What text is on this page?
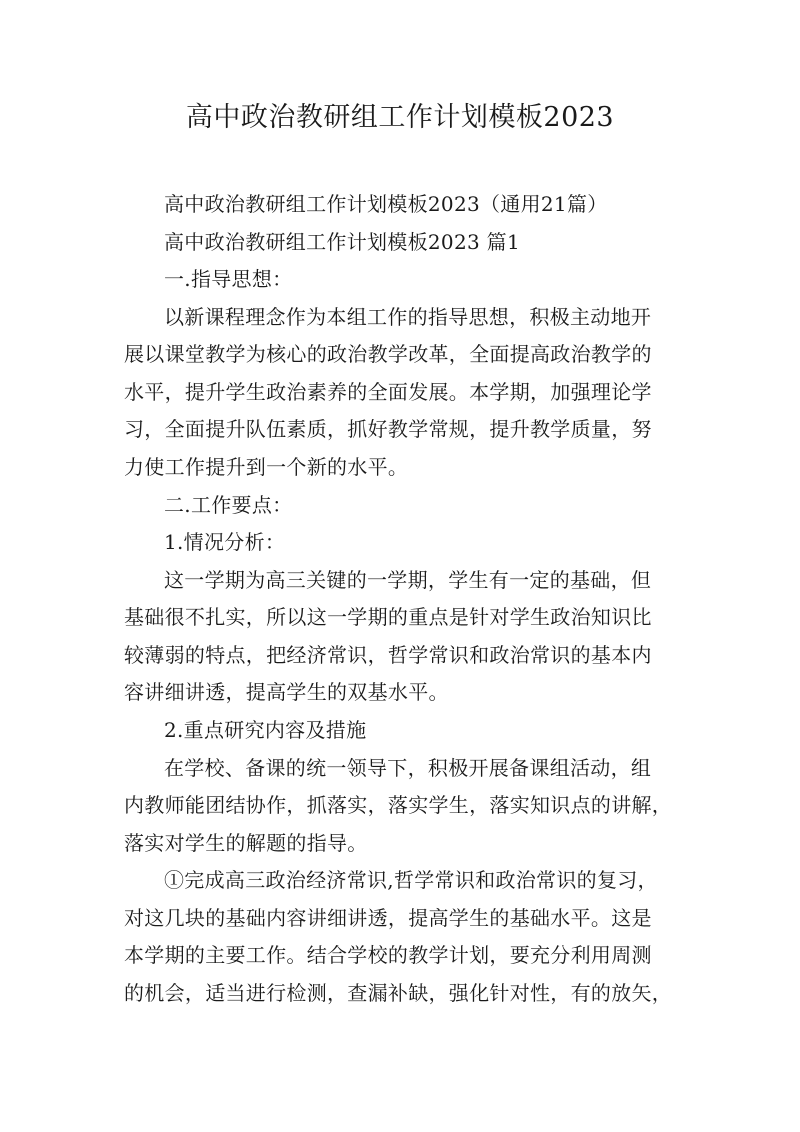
高中政治教研组工作计划模板2023
高中政治教研组工作计划模板2023（通用21篇）
高中政治教研组工作计划模板2023 篇1
一.指导思想：
以新课程理念作为本组工作的指导思想，积极主动地开
展以课堂教学为核心的政治教学改革，全面提高政治教学的
水平，提升学生政治素养的全面发展。本学期，加强理论学
习，全面提升队伍素质，抓好教学常规，提升教学质量，努
力使工作提升到一个新的水平。
二.工作要点：
1.情况分析：
这一学期为高三关键的一学期，学生有一定的基础，但
基础很不扎实，所以这一学期的重点是针对学生政治知识比
较薄弱的特点，把经济常识，哲学常识和政治常识的基本内
容讲细讲透，提高学生的双基水平。
2.重点研究内容及措施
在学校、备课的统一领导下，积极开展备课组活动，组
内教师能团结协作，抓落实，落实学生，落实知识点的讲解，
落实对学生的解题的指导。
①完成高三政治经济常识,哲学常识和政治常识的复习，
对这几块的基础内容讲细讲透，提高学生的基础水平。这是
本学期的主要工作。结合学校的教学计划，要充分利用周测
的机会，适当进行检测，查漏补缺，强化针对性，有的放矢，
